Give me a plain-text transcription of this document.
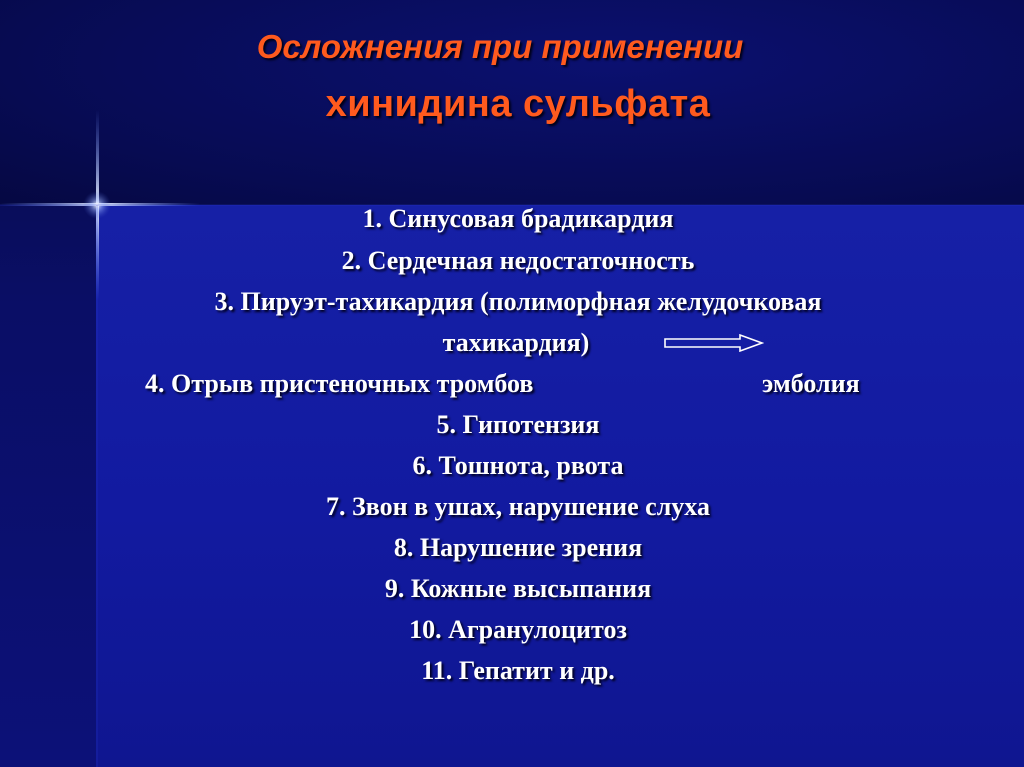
Осложнения при применении
хинидина сульфата
1. Синусовая брадикардия
2. Сердечная недостаточность
3. Пируэт-тахикардия (полиморфная желудочковая
тахикардия)
4. Отрыв пристеночных тромбов	эмболия
5. Гипотензия
6. Тошнота, рвота
7. Звон в ушах, нарушение слуха
8. Нарушение зрения
9. Кожные высыпания
10. Агранулоцитоз
11. Гепатит и др.
